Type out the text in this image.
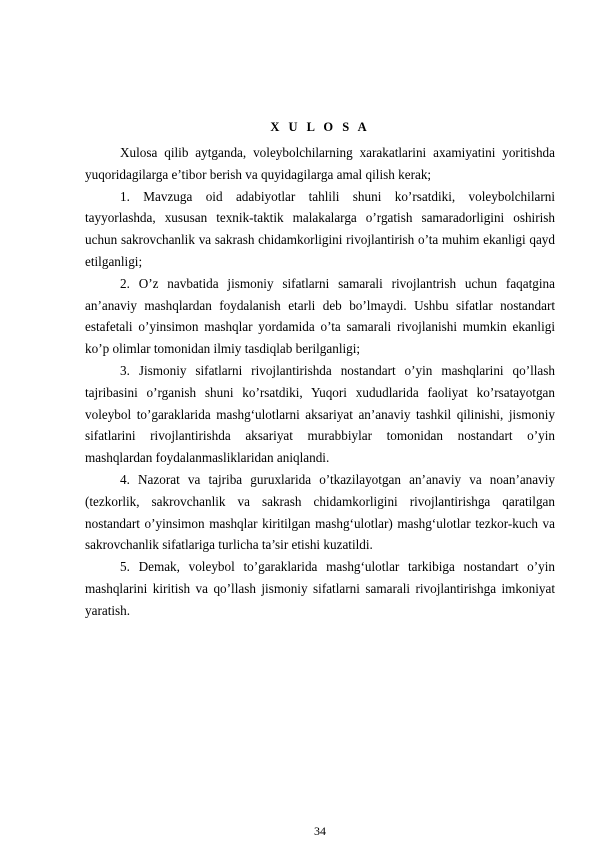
X U L O S A

Xulosa qilib aytganda, voleybolchilarning xarakatlarini axamiyatini yoritishda yuqoridagilarga e’tibor berish va quyidagilarga amal qilish kerak;

1. Mavzuga oid adabiyotlar tahlili shuni ko’rsatdiki, voleybolchilarni tayyorlashda, xususan texnik-taktik malakalarga o’rgatish samaradorligini oshirish uchun sakrovchanlik va sakrash chidamkorligini rivojlantirish o’ta muhim ekanligi qayd etilganligi;

2. O’z navbatida jismoniy sifatlarni samarali rivojlantrish uchun faqatgina an’anaviy mashqlardan foydalanish etarli deb bo’lmaydi. Ushbu sifatlar nostandart estafetali o’yinsimon mashqlar yordamida o’ta samarali rivojlanishi mumkin ekanligi ko’p olimlar tomonidan ilmiy tasdiqlab berilganligi;

3. Jismoniy sifatlarni rivojlantirishda nostandart o’yin mashqlarini qo’llash tajribasini o’rganish shuni ko’rsatdiki, Yuqori xududlarida faoliyat ko’rsatayotgan voleybol to’garaklarida mashg‘ulotlarni aksariyat an’anaviy tashkil qilinishi, jismoniy sifatlarini rivojlantirishda aksariyat murabbiylar tomonidan nostandart o’yin mashqlardan foydalanmasliklaridan aniqlandi.

4. Nazorat va tajriba guruxlarida o’tkazilayotgan an’anaviy va noan’anaviy (tezkorlik, sakrovchanlik va sakrash chidamkorligini rivojlantirishga qaratilgan nostandart o’yinsimon mashqlar kiritilgan mashg‘ulotlar) mashg‘ulotlar tezkor-kuch va sakrovchanlik sifatlariga turlicha ta’sir etishi kuzatildi.

5. Demak, voleybol to’garaklarida mashg‘ulotlar tarkibiga nostandart o’yin mashqlarini kiritish va qo’llash jismoniy sifatlarni samarali rivojlantirishga imkoniyat yaratish.

34
